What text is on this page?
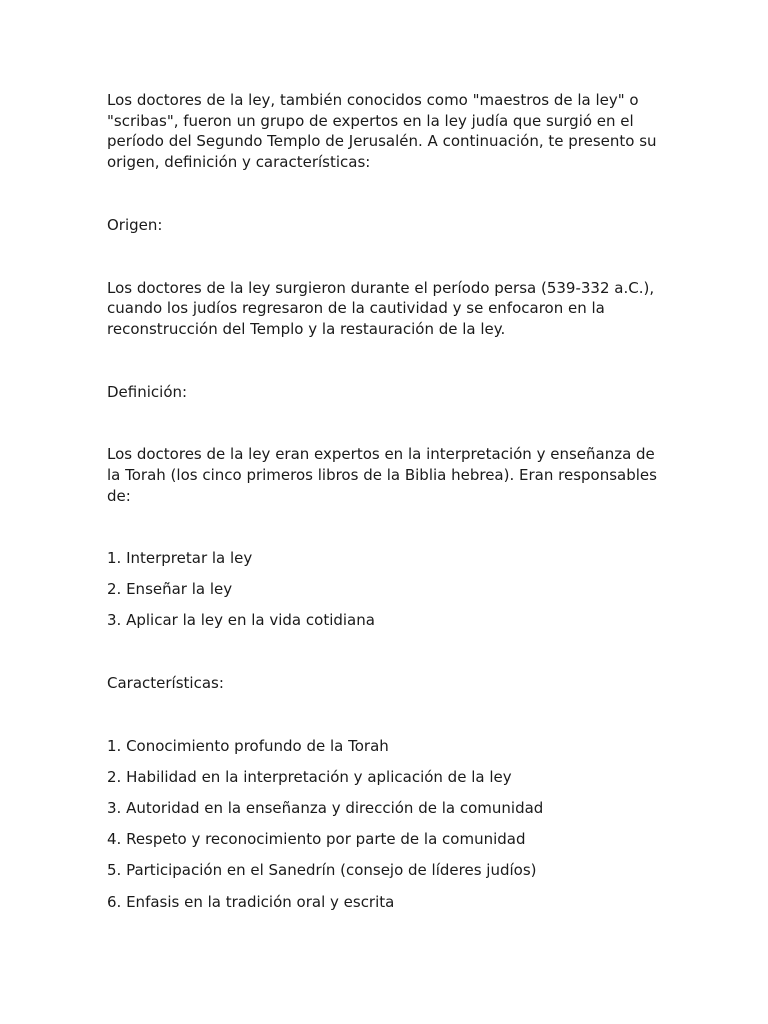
Los doctores de la ley, también conocidos como "maestros de la ley" o "scribas", fueron un grupo de expertos en la ley judía que surgió en el período del Segundo Templo de Jerusalén. A continuación, te presento su origen, definición y características:

Origen:

Los doctores de la ley surgieron durante el período persa (539-332 a.C.), cuando los judíos regresaron de la cautividad y se enfocaron en la reconstrucción del Templo y la restauración de la ley.

Definición:

Los doctores de la ley eran expertos en la interpretación y enseñanza de la Torah (los cinco primeros libros de la Biblia hebrea). Eran responsables de:

1. Interpretar la ley
2. Enseñar la ley
3. Aplicar la ley en la vida cotidiana

Características:

1. Conocimiento profundo de la Torah
2. Habilidad en la interpretación y aplicación de la ley
3. Autoridad en la enseñanza y dirección de la comunidad
4. Respeto y reconocimiento por parte de la comunidad
5. Participación en el Sanedrín (consejo de líderes judíos)
6. Enfasis en la tradición oral y escrita
